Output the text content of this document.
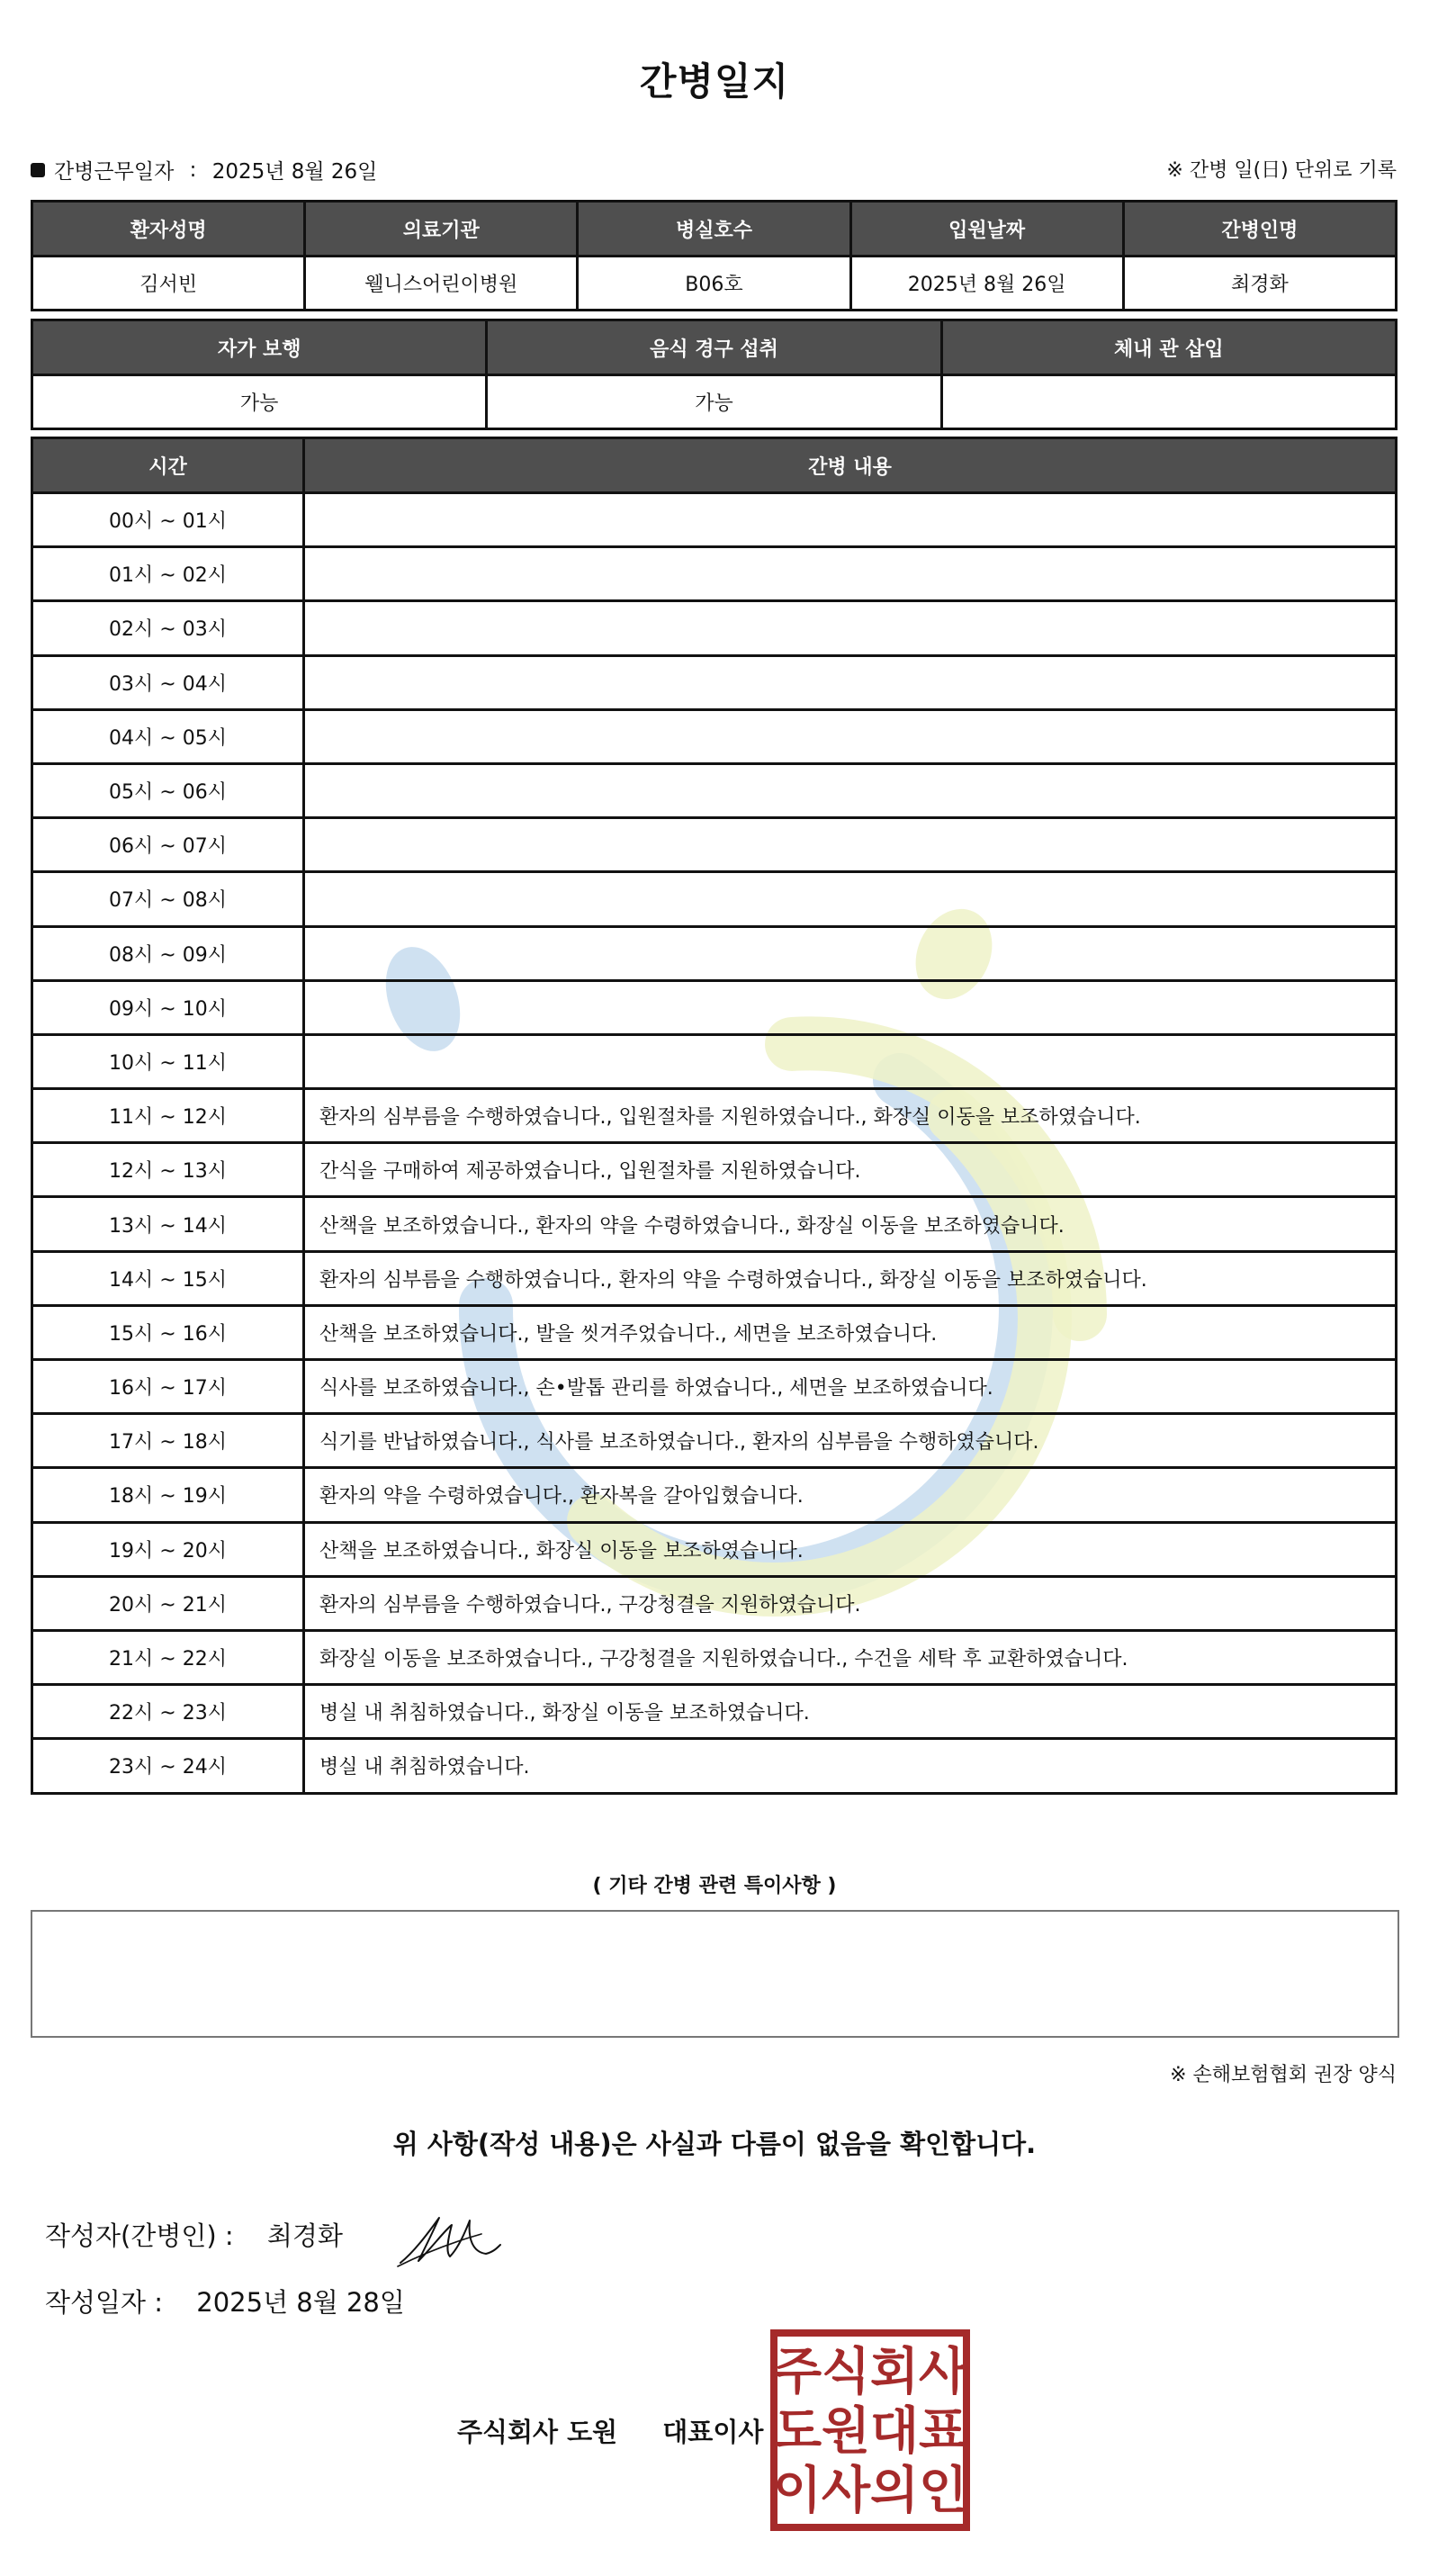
간병일지
간병근무일자 : 2025년 8월 26일	※ 간병 일(日) 단위로 기록
환자성명	의료기관	병실호수	입원날짜	간병인명
김서빈	웰니스어린이병원	B06호	2025년 8월 26일	최경화
자가 보행	음식 경구 섭취	체내 관 삽입
가능	가능	
시간	간병 내용
00시 ~ 01시	
01시 ~ 02시	
02시 ~ 03시	
03시 ~ 04시	
04시 ~ 05시	
05시 ~ 06시	
06시 ~ 07시	
07시 ~ 08시	
08시 ~ 09시	
09시 ~ 10시	
10시 ~ 11시	
11시 ~ 12시	환자의 심부름을 수행하였습니다., 입원절차를 지원하였습니다., 화장실 이동을 보조하였습니다.
12시 ~ 13시	간식을 구매하여 제공하였습니다., 입원절차를 지원하였습니다.
13시 ~ 14시	산책을 보조하였습니다., 환자의 약을 수령하였습니다., 화장실 이동을 보조하였습니다.
14시 ~ 15시	환자의 심부름을 수행하였습니다., 환자의 약을 수령하였습니다., 화장실 이동을 보조하였습니다.
15시 ~ 16시	산책을 보조하였습니다., 발을 씻겨주었습니다., 세면을 보조하였습니다.
16시 ~ 17시	식사를 보조하였습니다., 손•발톱 관리를 하였습니다., 세면을 보조하였습니다.
17시 ~ 18시	식기를 반납하였습니다., 식사를 보조하였습니다., 환자의 심부름을 수행하였습니다.
18시 ~ 19시	환자의 약을 수령하였습니다., 환자복을 갈아입혔습니다.
19시 ~ 20시	산책을 보조하였습니다., 화장실 이동을 보조하였습니다.
20시 ~ 21시	환자의 심부름을 수행하였습니다., 구강청결을 지원하였습니다.
21시 ~ 22시	화장실 이동을 보조하였습니다., 구강청결을 지원하였습니다., 수건을 세탁 후 교환하였습니다.
22시 ~ 23시	병실 내 취침하였습니다., 화장실 이동을 보조하였습니다.
23시 ~ 24시	병실 내 취침하였습니다.
( 기타 간병 관련 특이사항 )
※ 손해보험협회 권장 양식
위 사항(작성 내용)은 사실과 다름이 없음을 확인합니다.
작성자(간병인) : 최경화
작성일자 : 2025년 8월 28일
주식회사 도원 대표이사
주 식 회 사
도 원 대 표
이 사 의 인
